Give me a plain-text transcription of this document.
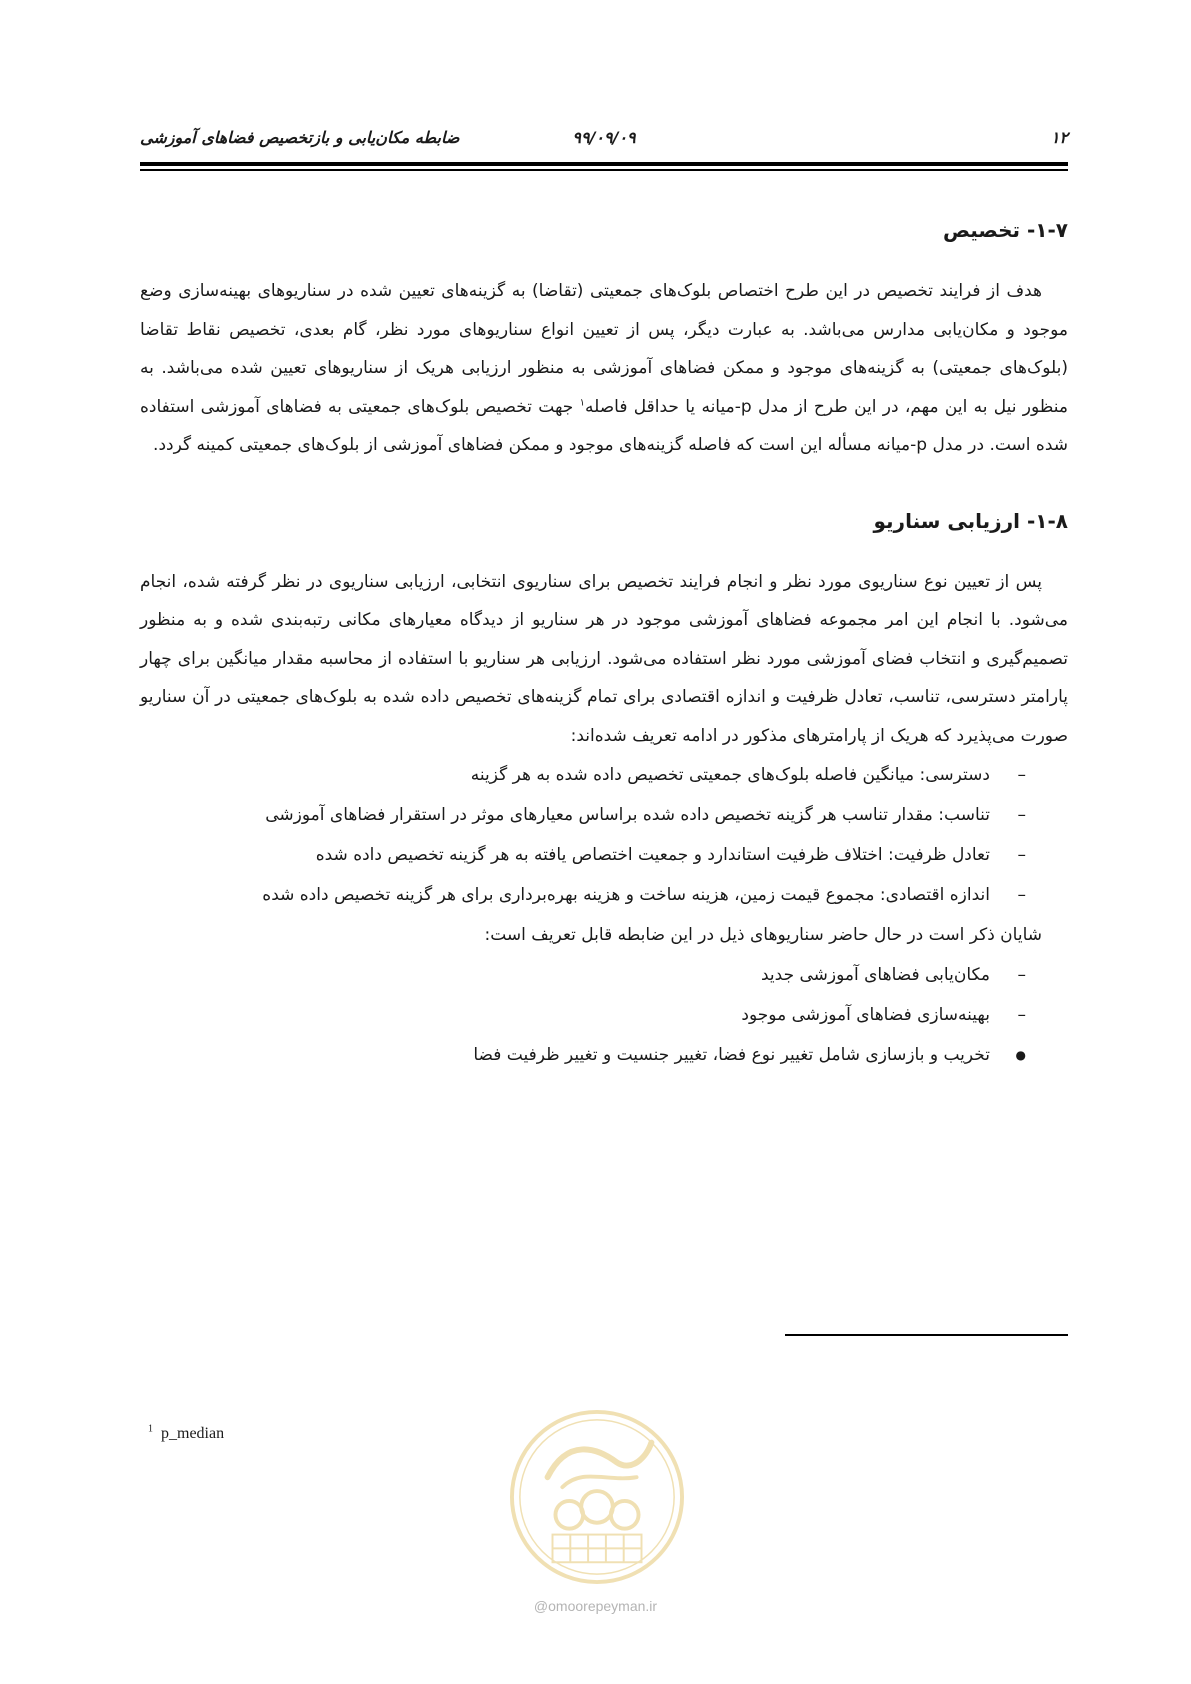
۱۲
۹۹/۰۹/۰۹
ضابطه مکان‌یابی و بازتخصیص فضاهای آموزشی
۱-۷- تخصیص

هدف از فرایند تخصیص در این طرح اختصاص بلوک‌های جمعیتی (تقاضا) به گزینه‌های تعیین شده در سناریوهای بهینه‌سازی وضع موجود و مکان‌یابی مدارس می‌باشد. به عبارت دیگر، پس از تعیین انواع سناریوهای مورد نظر، گام بعدی، تخصیص نقاط تقاضا (بلوک‌های جمعیتی) به گزینه‌های موجود و ممکن فضاهای آموزشی به منظور ارزیابی هریک از سناریوهای تعیین شده می‌باشد. به منظور نیل به این مهم، در این طرح از مدل p-میانه یا حداقل فاصله$^۱$ جهت تخصیص بلوک‌های جمعیتی به فضاهای آموزشی استفاده شده است. در مدل p-میانه مسأله این است که فاصله گزینه‌های موجود و ممکن فضاهای آموزشی از بلوک‌های جمعیتی کمینه گردد.

۱-۸- ارزیابی سناریو

پس از تعیین نوع سناریوی مورد نظر و انجام فرایند تخصیص برای سناریوی انتخابی، ارزیابی سناریوی در نظر گرفته شده، انجام می‌شود. با انجام این امر مجموعه فضاهای آموزشی موجود در هر سناریو از دیدگاه معیارهای مکانی رتبه‌بندی شده و به منظور تصمیم‌گیری و انتخاب فضای آموزشی مورد نظر استفاده می‌شود. ارزیابی هر سناریو با استفاده از محاسبه مقدار میانگین برای چهار پارامتر دسترسی، تناسب، تعادل ظرفیت و اندازه اقتصادی برای تمام گزینه‌های تخصیص داده شده به بلوک‌های جمعیتی در آن سناریو صورت می‌پذیرد که هریک از پارامترهای مذکور در ادامه تعریف شده‌اند:

– دسترسی: میانگین فاصله بلوک‌های جمعیتی تخصیص داده شده به هر گزینه
– تناسب: مقدار تناسب هر گزینه تخصیص داده شده براساس معیارهای موثر در استقرار فضاهای آموزشی
– تعادل ظرفیت: اختلاف ظرفیت استاندارد و جمعیت اختصاص یافته به هر گزینه تخصیص داده شده
– اندازه اقتصادی: مجموع قیمت زمین، هزینه ساخت و هزینه بهره‌برداری برای هر گزینه تخصیص داده شده
شایان ذکر است در حال حاضر سناریوهای ذیل در این ضابطه قابل تعریف است:
– مکان‌یابی فضاهای آموزشی جدید
– بهینه‌سازی فضاهای آموزشی موجود
● تخریب و بازسازی شامل تغییر نوع فضا، تغییر جنسیت و تغییر ظرفیت فضا
$^1$ p_median
@omoorepeyman.ir
